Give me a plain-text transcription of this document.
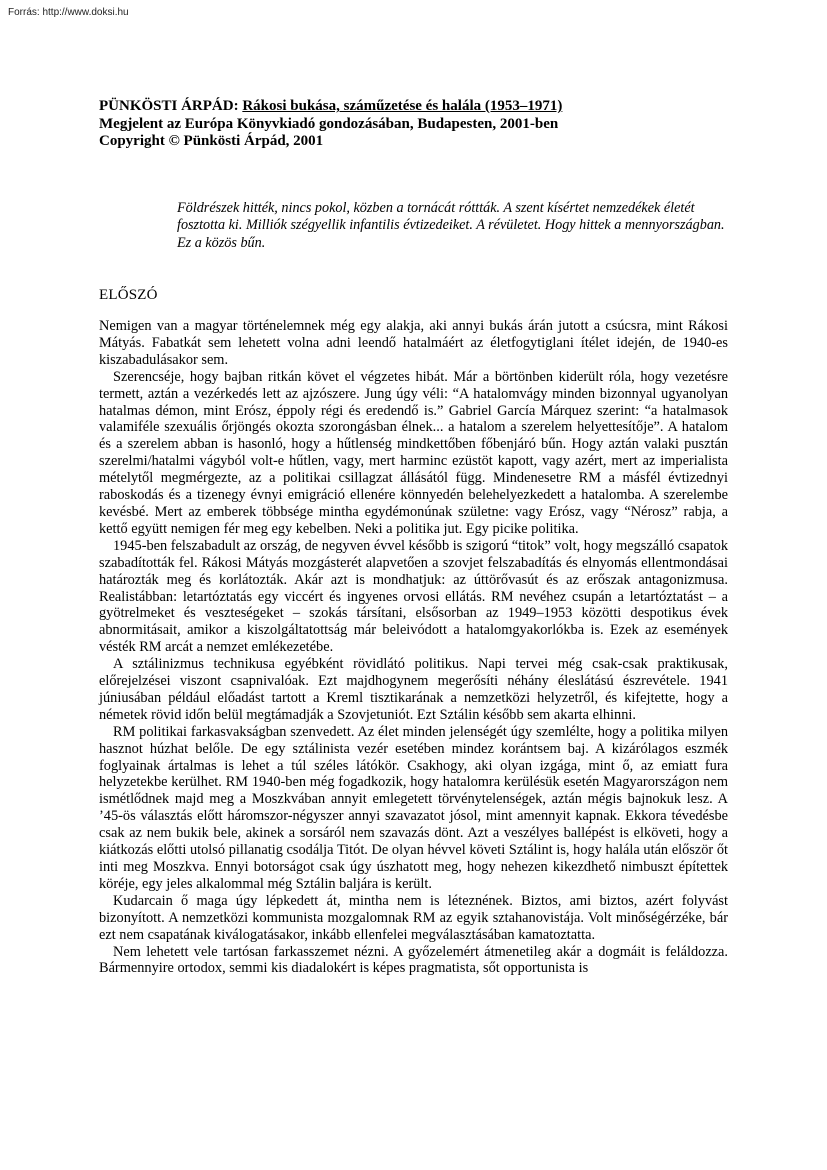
Forrás: http://www.doksi.hu
PÜNKÖSTI ÁRPÁD: Rákosi bukása, száműzetése és halála (1953–1971)
Megjelent az Európa Könyvkiadó gondozásában, Budapesten, 2001-ben
Copyright © Pünkösti Árpád, 2001
Földrészek hitték, nincs pokol, közben a tornácát róttták. A szent kísértet nemzedékek életét fosztotta ki. Milliók szégyellik infantilis évtizedeiket. A révületet. Hogy hittek a mennyországban. Ez a közös bűn.
ELŐSZÓ

Nemigen van a magyar történelemnek még egy alakja, aki annyi bukás árán jutott a csúcsra, mint Rákosi Mátyás. Fabatkát sem lehetett volna adni leendő hatalmáért az életfogytiglani ítélet idején, de 1940-es kiszabadulásakor sem.

Szerencséje, hogy bajban ritkán követ el végzetes hibát. Már a börtönben kiderült róla, hogy vezetésre termett, aztán a vezérkedés lett az ajzószere. Jung úgy véli: “A hatalomvágy minden bizonnyal ugyanolyan hatalmas démon, mint Erósz, éppoly régi és eredendő is.” Gabriel García Márquez szerint: “a hatalmasok valamiféle szexuális őrjöngés okozta szorongásban élnek... a hatalom a szerelem helyettesítője”. A hatalom és a szerelem abban is hasonló, hogy a hűtlenség mindkettőben főbenjáró bűn. Hogy aztán valaki pusztán szerelmi/hatalmi vágyból volt-e hűtlen, vagy, mert harminc ezüstöt kapott, vagy azért, mert az imperialista mételytől megmérgezte, az a politikai csillagzat állásától függ. Mindenesetre RM a másfél évtizednyi raboskodás és a tizenegy évnyi emigráció ellenére könnyedén belehelyezkedett a hatalomba. A szerelembe kevésbé. Mert az emberek többsége mintha egydémonúnak születne: vagy Erósz, vagy “Nérosz” rabja, a kettő együtt nemigen fér meg egy kebelben. Neki a politika jut. Egy picike politika.

1945-ben felszabadult az ország, de negyven évvel később is szigorú “titok” volt, hogy megszálló csapatok szabadították fel. Rákosi Mátyás mozgásterét alapvetően a szovjet felszabadítás és elnyomás ellentmondásai határozták meg és korlátozták. Akár azt is mondhatjuk: az úttörővasút és az erőszak antagonizmusa. Realistábban: letartóztatás egy viccért és ingyenes orvosi ellátás. RM nevéhez csupán a letartóztatást – a gyötrelmeket és veszteségeket – szokás társítani, elsősorban az 1949–1953 közötti despotikus évek abnormitásait, amikor a kiszolgáltatottság már beleivódott a hatalomgyakorlókba is. Ezek az események vésték RM arcát a nemzet emlékezetébe.

A sztálinizmus technikusa egyébként rövidlátó politikus. Napi tervei még csak-csak praktikusak, előrejelzései viszont csapnivalóak. Ezt majdhogynem megerősíti néhány éleslátású észrevétele. 1941 júniusában például előadást tartott a Kreml tisztikarának a nemzetközi helyzetről, és kifejtette, hogy a németek rövid időn belül megtámadják a Szovjetuniót. Ezt Sztálin később sem akarta elhinni.

RM politikai farkasvakságban szenvedett. Az élet minden jelenségét úgy szemlélte, hogy a politika milyen hasznot húzhat belőle. De egy sztálinista vezér esetében mindez korántsem baj. A kizárólagos eszmék foglyainak ártalmas is lehet a túl széles látókör. Csakhogy, aki olyan izgága, mint ő, az emiatt fura helyzetekbe kerülhet. RM 1940-ben még fogadkozik, hogy hatalomra kerülésük esetén Magyarországon nem ismétlődnek majd meg a Moszkvában annyit emlegetett törvénytelenségek, aztán mégis bajnokuk lesz. A ’45-ös választás előtt háromszor-négyszer annyi szavazatot jósol, mint amennyit kapnak. Ekkora tévedésbe csak az nem bukik bele, akinek a sorsáról nem szavazás dönt. Azt a veszélyes ballépést is elköveti, hogy a kiátkozás előtti utolsó pillanatig csodálja Titót. De olyan hévvel követi Sztálint is, hogy halála után először őt inti meg Moszkva. Ennyi botorságot csak úgy úszhatott meg, hogy nehezen kikezdhető nimbuszt építettek köréje, egy jeles alkalommal még Sztálin baljára is került.

Kudarcain ő maga úgy lépkedett át, mintha nem is léteznének. Biztos, ami biztos, azért folyvást bizonyított. A nemzetközi kommunista mozgalomnak RM az egyik sztahanovistája. Volt minőségérzéke, bár ezt nem csapatának kiválogatásakor, inkább ellenfelei megválasztásában kamatoztatta.

Nem lehetett vele tartósan farkasszemet nézni. A győzelemért átmenetileg akár a dogmáit is feláldozza. Bármennyire ortodox, semmi kis diadalokért is képes pragmatista, sőt opportunista is
